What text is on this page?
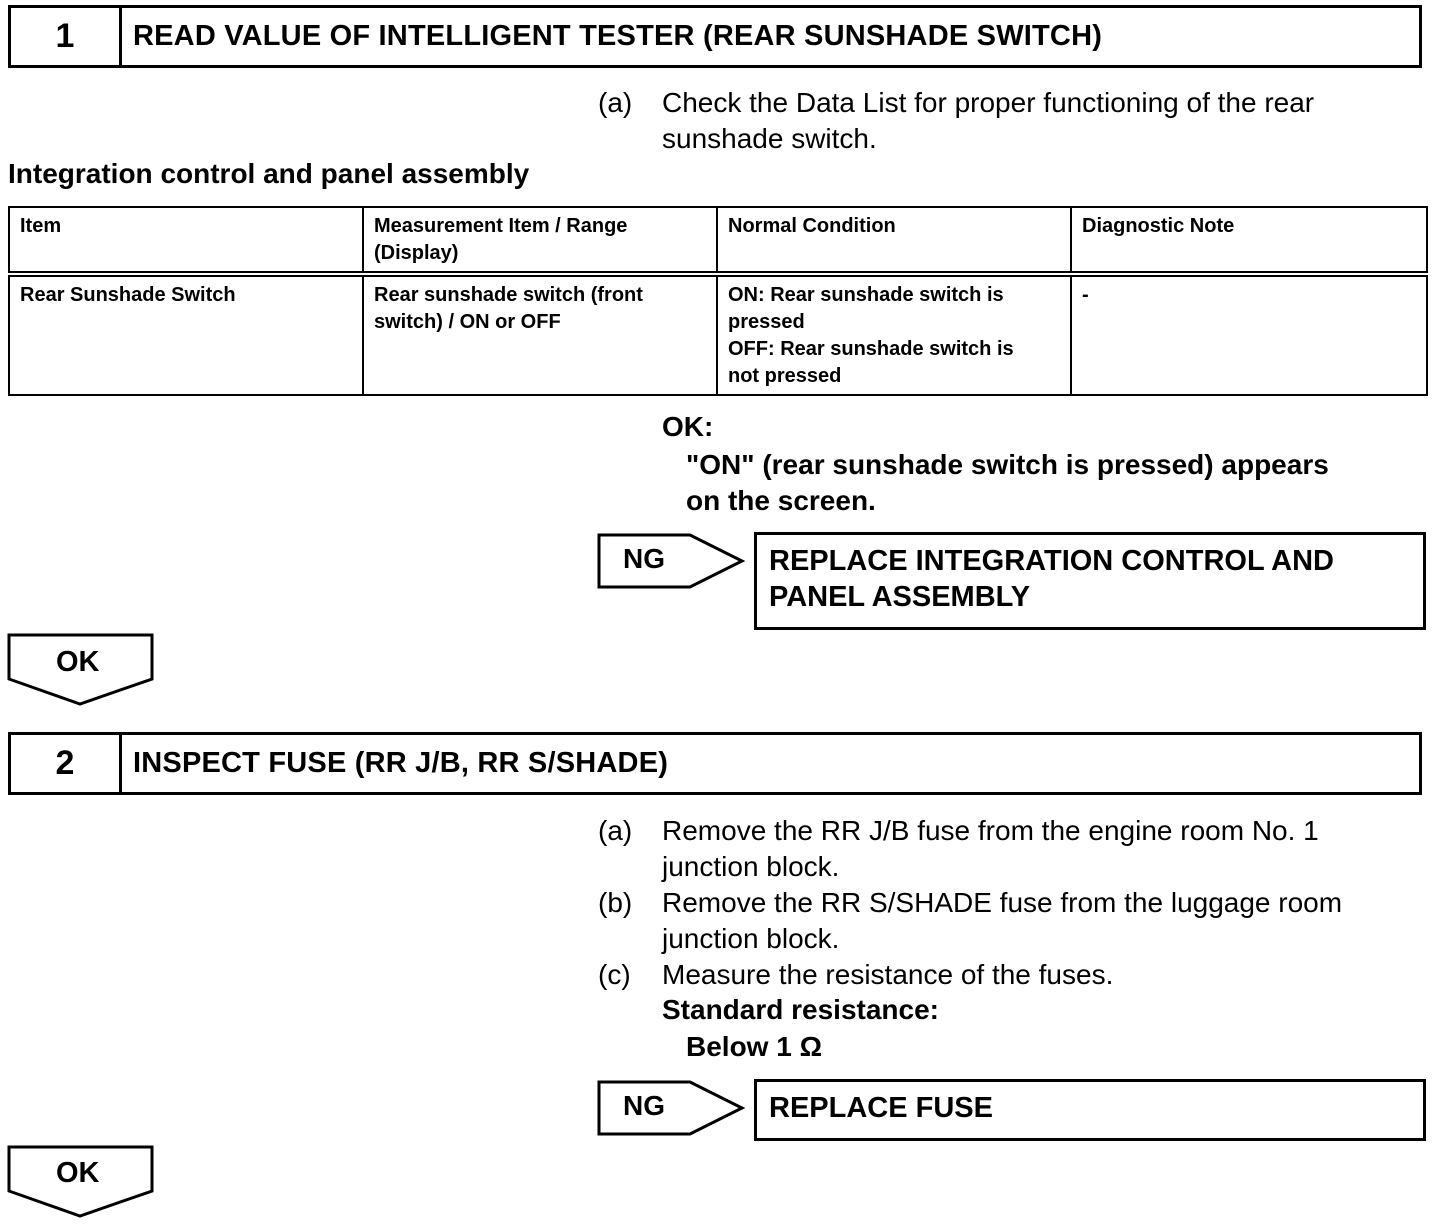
1	READ VALUE OF INTELLIGENT TESTER (REAR SUNSHADE SWITCH)
(a) Check the Data List for proper functioning of the rear
sunshade switch.
Integration control and panel assembly
Item	Measurement Item / Range
(Display)	Normal Condition	Diagnostic Note
Rear Sunshade Switch	Rear sunshade switch (front
switch) / ON or OFF	ON: Rear sunshade switch is
pressed
OFF: Rear sunshade switch is
not pressed	-
OK:
"ON" (rear sunshade switch is pressed) appears
on the screen.
NG	REPLACE INTEGRATION CONTROL AND
PANEL ASSEMBLY
OK
2	INSPECT FUSE (RR J/B, RR S/SHADE)
(a) Remove the RR J/B fuse from the engine room No. 1
junction block.
(b) Remove the RR S/SHADE fuse from the luggage room
junction block.
(c) Measure the resistance of the fuses.
Standard resistance:
Below 1 Ω
NG	REPLACE FUSE
OK
